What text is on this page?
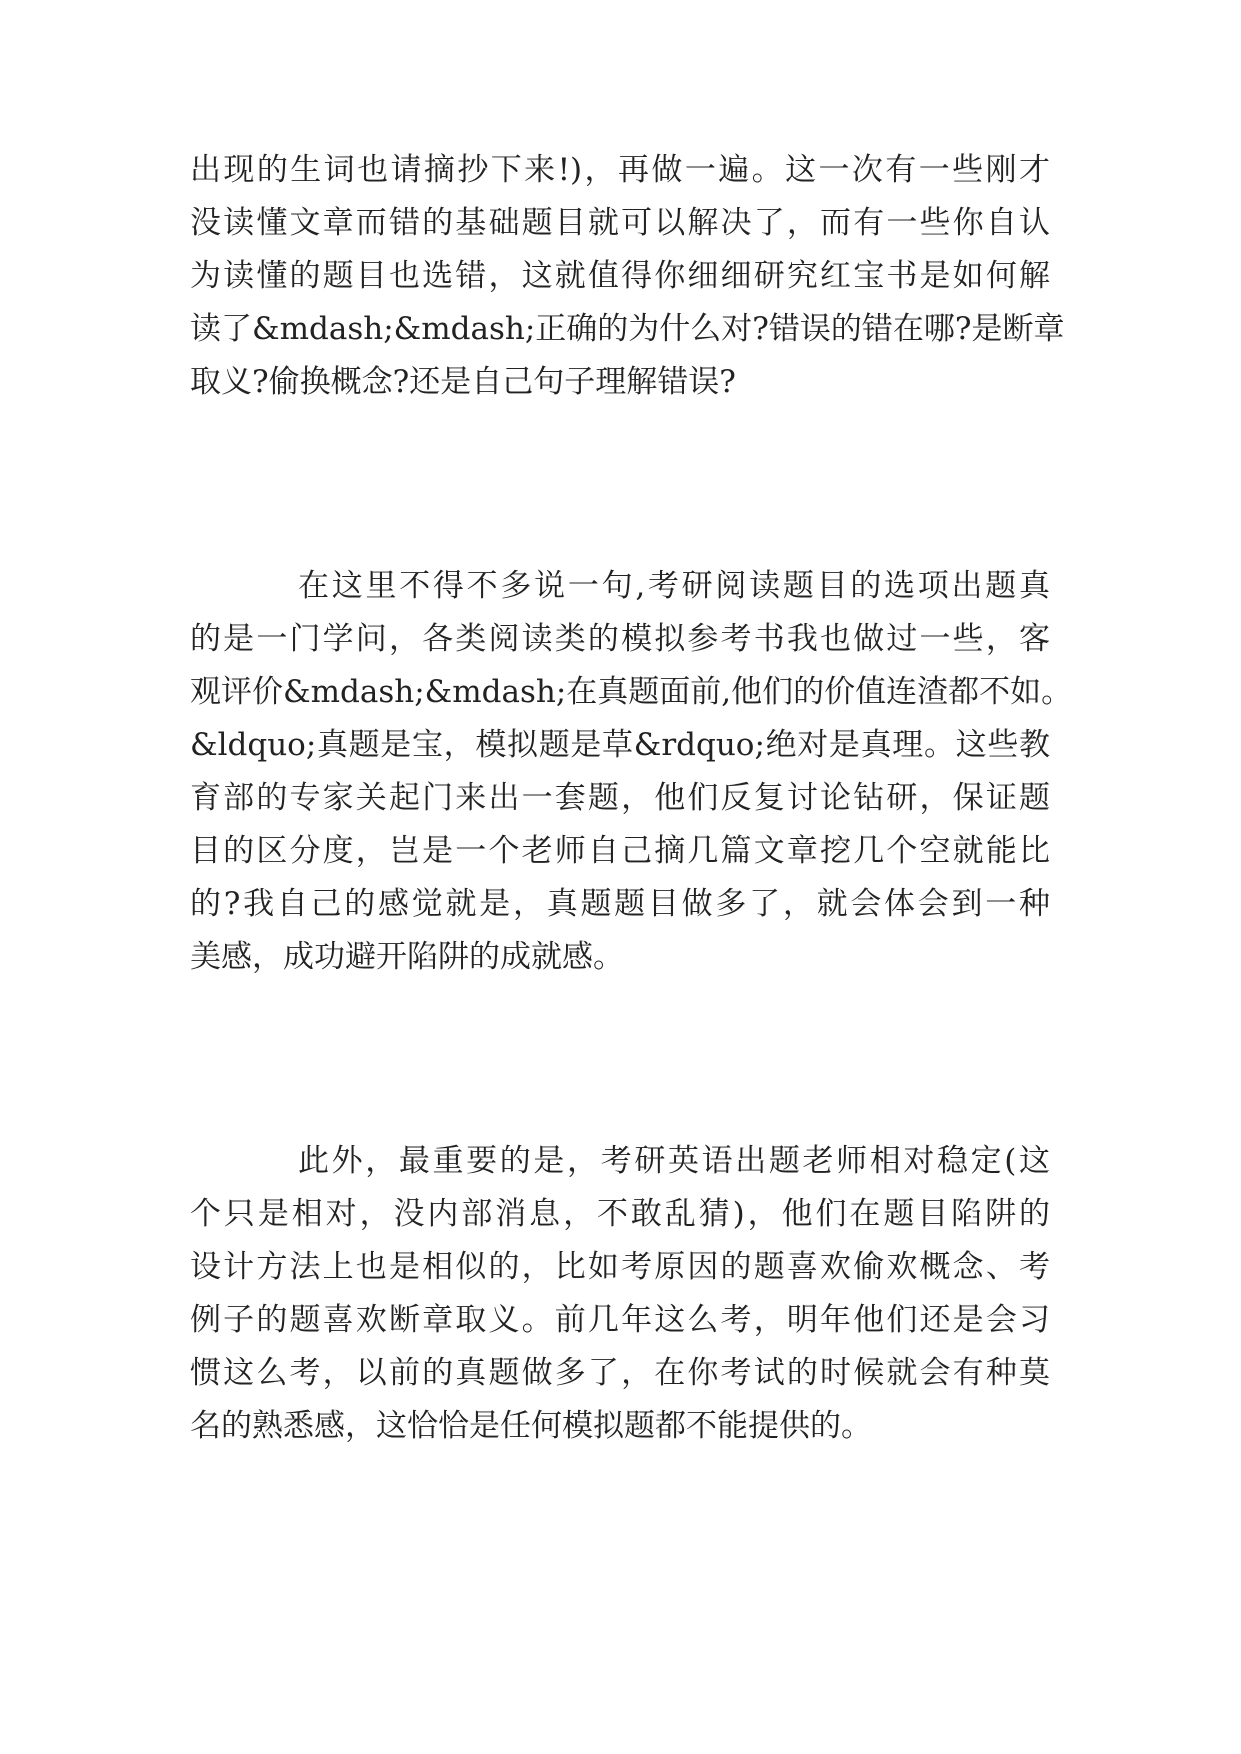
出现的生词也请摘抄下来!)，再做一遍。这一次有一些刚才
没读懂文章而错的基础题目就可以解决了，而有一些你自认
为读懂的题目也选错，这就值得你细细研究红宝书是如何解
读了&mdash;&mdash;正确的为什么对?错误的错在哪?是断章
取义?偷换概念?还是自己句子理解错误?
在这里不得不多说一句,考研阅读题目的选项出题真
的是一门学问，各类阅读类的模拟参考书我也做过一些，客
观评价&mdash;&mdash;在真题面前,他们的价值连渣都不如。
&ldquo;真题是宝，模拟题是草&rdquo;绝对是真理。这些教
育部的专家关起门来出一套题，他们反复讨论钻研，保证题
目的区分度，岂是一个老师自己摘几篇文章挖几个空就能比
的?我自己的感觉就是，真题题目做多了，就会体会到一种
美感，成功避开陷阱的成就感。
此外，最重要的是，考研英语出题老师相对稳定(这
个只是相对，没内部消息，不敢乱猜)，他们在题目陷阱的
设计方法上也是相似的，比如考原因的题喜欢偷欢概念、考
例子的题喜欢断章取义。前几年这么考，明年他们还是会习
惯这么考，以前的真题做多了，在你考试的时候就会有种莫
名的熟悉感，这恰恰是任何模拟题都不能提供的。
